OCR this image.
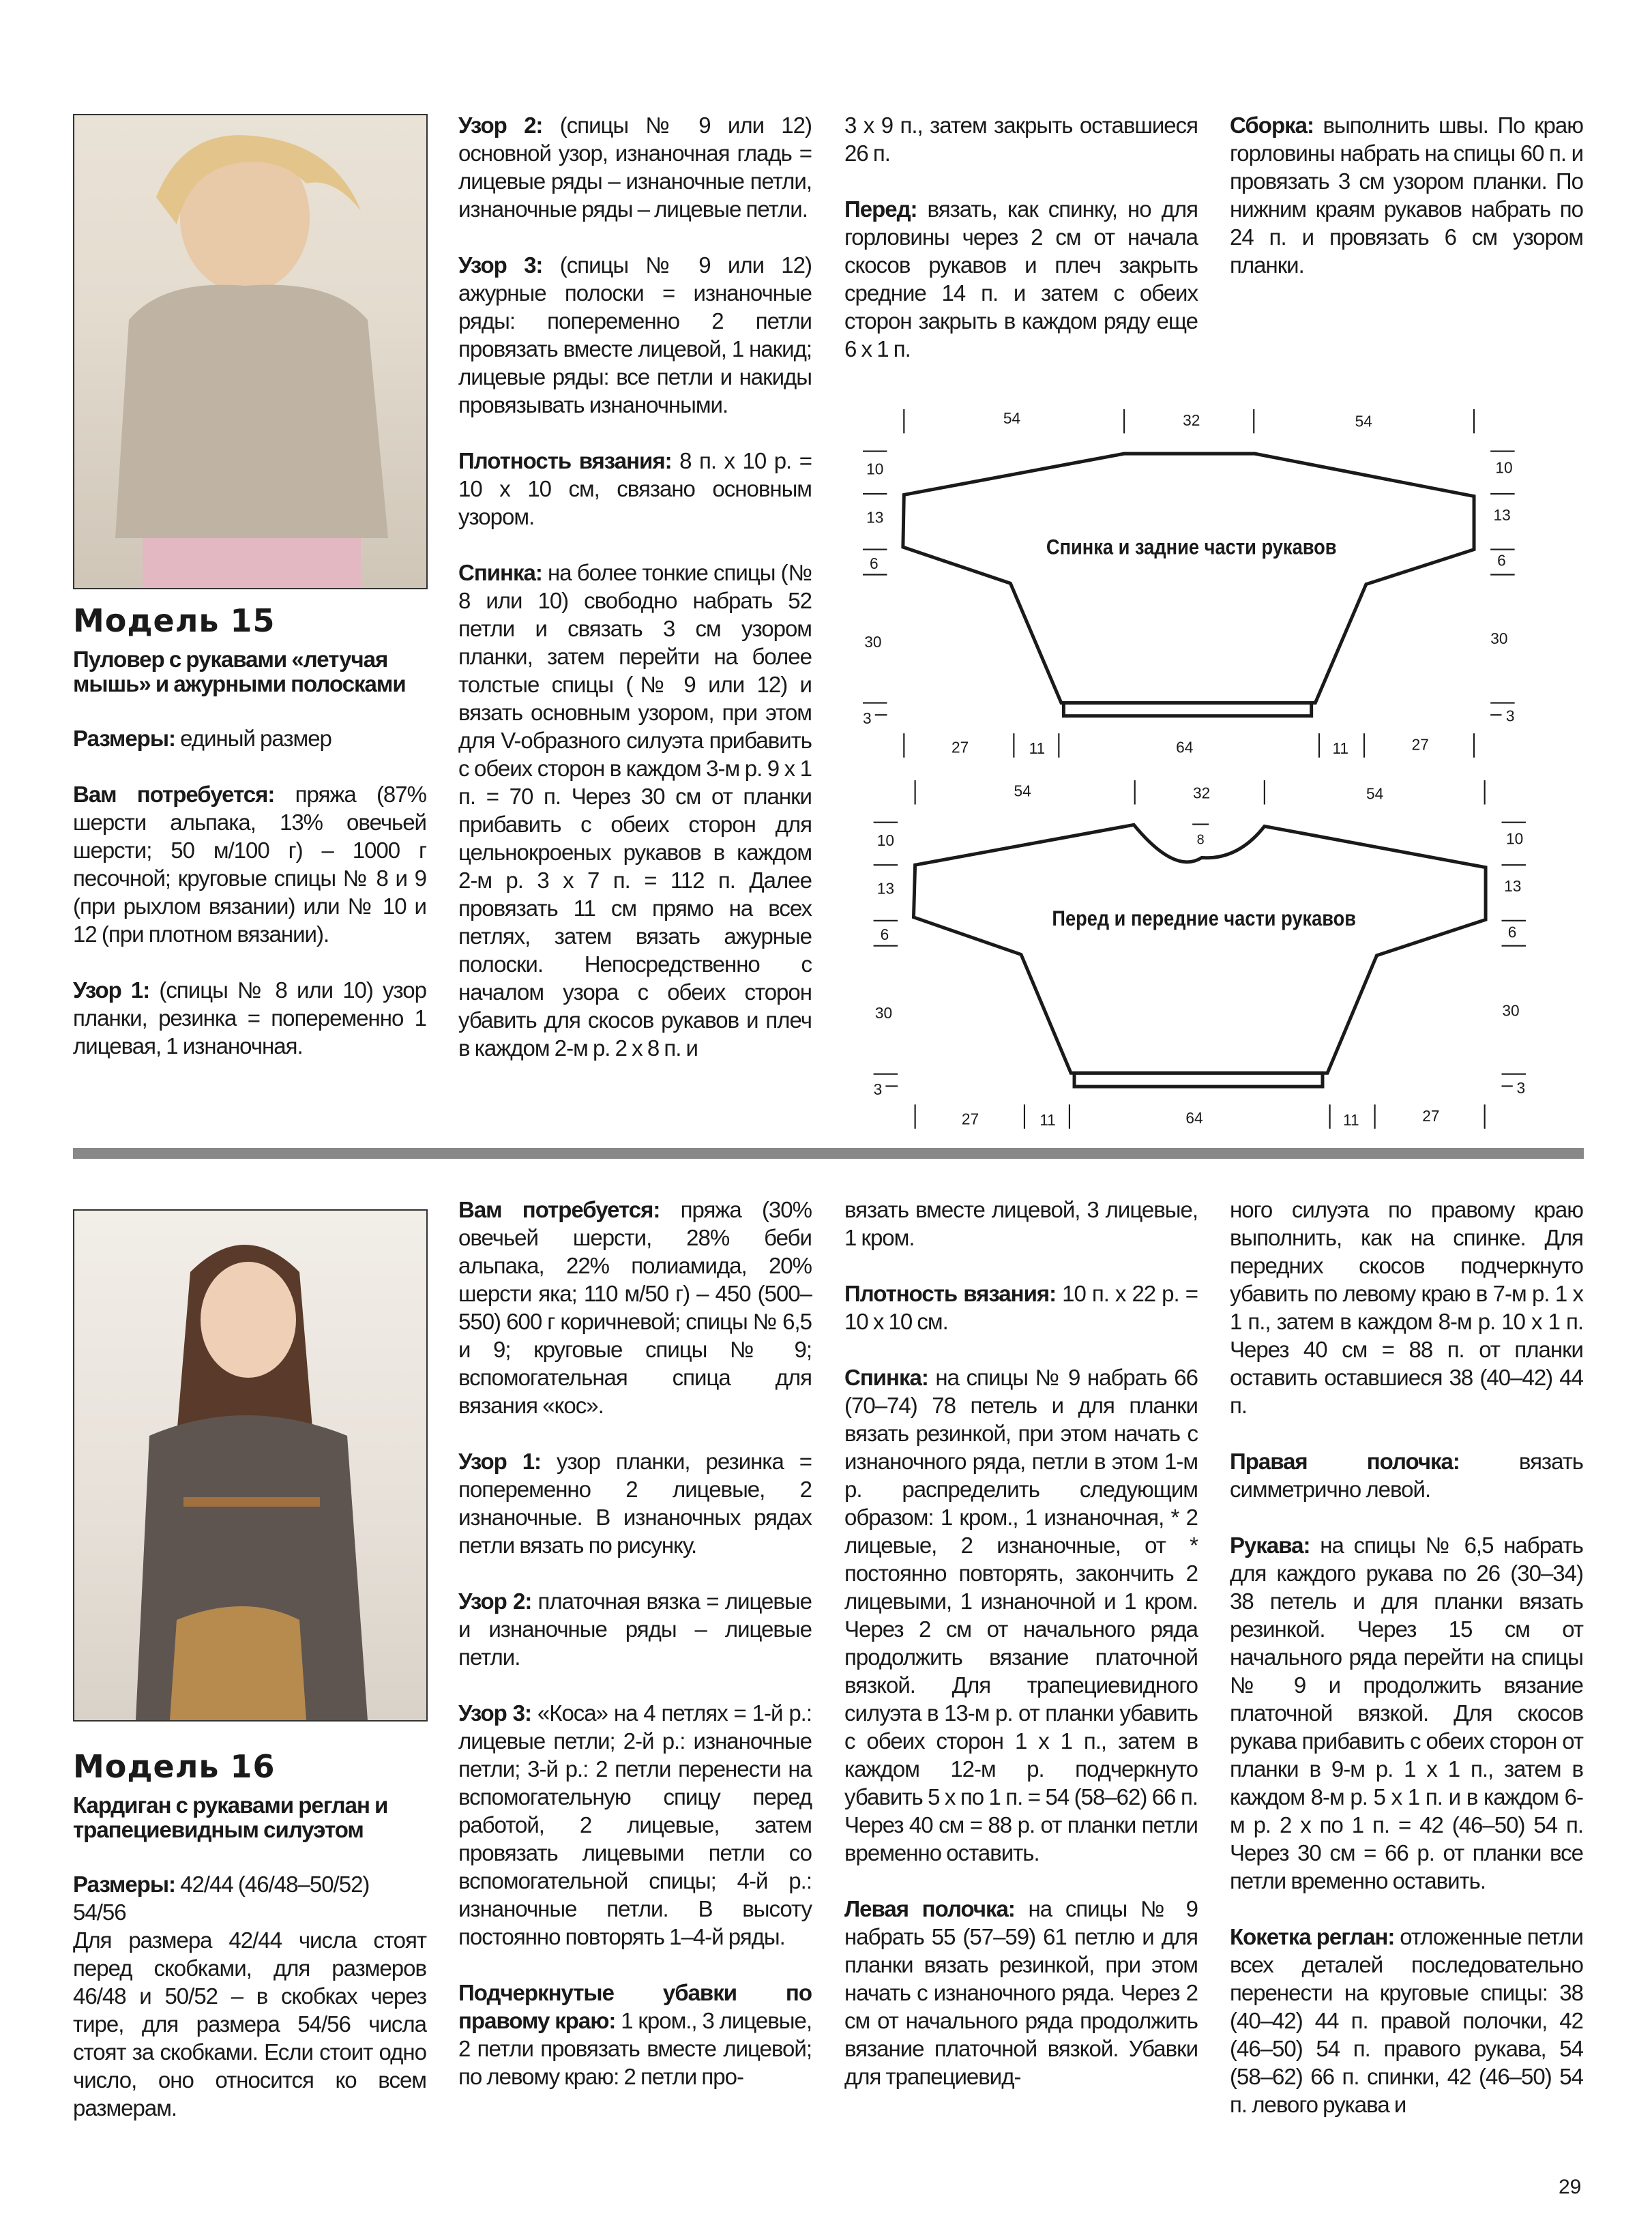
Модель 15
Пуловер с рукавами «летучая мышь» и ажурными полосками

Размеры: единый размер

Вам потребуется: пряжа (87% шерсти альпака, 13% овечьей шерсти; 50 м/100 г) – 1000 г песочной; круговые спицы № 8 и 9 (при рыхлом вязании) или № 10 и 12 (при плотном вязании).

Узор 1: (спицы № 8 или 10) узор планки, резинка = попеременно 1 лицевая, 1 изнаночная.

Узор 2: (спицы № 9 или 12) основной узор, изнаночная гладь = лицевые ряды – изнаночные петли, изнаночные ряды – лицевые петли.

Узор 3: (спицы № 9 или 12) ажурные полоски = изнаночные ряды: попеременно 2 петли провязать вместе лицевой, 1 накид; лицевые ряды: все петли и накиды провязывать изнаночными.

Плотность вязания: 8 п. х 10 р. = 10 х 10 см, связано основным узором.

Спинка: на более тонкие спицы (№ 8 или 10) свободно набрать 52 петли и связать 3 см узором планки, затем перейти на более толстые спицы (№ 9 или 12) и вязать основным узором, при этом для V-образного силуэта прибавить с обеих сторон в каждом 3-м р. 9 х 1 п. = 70 п. Через 30 см от планки прибавить с обеих сторон для цельнокроеных рукавов в каждом 2-м р. 3 х 7 п. = 112 п. Далее провязать 11 см прямо на всех петлях, затем вязать ажурные полоски. Непосредственно с началом узора с обеих сторон убавить для скосов рукавов и плеч в каждом 2-м р. 2 х 8 п. и

3 х 9 п., затем закрыть оставшиеся 26 п.

Перед: вязать, как спинку, но для горловины через 2 см от начала скосов рукавов и плеч закрыть средние 14 п. и затем с обеих сторон закрыть в каждом ряду еще 6 х 1 п.

Сборка: выполнить швы. По краю горловины набрать на спицы 60 п. и провязать 3 см узором планки. По нижним краям рукавов набрать по 24 п. и провязать 6 см узором планки.

54	32	54
10
13
6
30
3
10
13
6
30
3
27	11	64	11	27
54	32	54
8
10
13
6
30
3
10
13
6
30
3
27	11	64	11	27
Спинка и задние части рукавов
Перед и передние части рукавов
Модель 16
Кардиган с рукавами реглан и трапециевидным силуэтом

Размеры: 42/44 (46/48–50/52) 54/56

Для размера 42/44 числа стоят перед скобками, для размеров 46/48 и 50/52 – в скобках через тире, для размера 54/56 числа стоят за скобками. Если стоит одно число, оно относится ко всем размерам.

Вам потребуется: пряжа (30% овечьей шерсти, 28% беби альпака, 22% полиамида, 20% шерсти яка; 110 м/50 г) – 450 (500–550) 600 г коричневой; спицы № 6,5 и 9; круговые спицы № 9; вспомогательная спица для вязания «кос».

Узор 1: узор планки, резинка = попеременно 2 лицевые, 2 изнаночные. В изнаночных рядах петли вязать по рисунку.

Узор 2: платочная вязка = лицевые и изнаночные ряды – лицевые петли.

Узор 3: «Коса» на 4 петлях = 1-й р.: лицевые петли; 2-й р.: изнаночные петли; 3-й р.: 2 петли перенести на вспомогательную спицу перед работой, 2 лицевые, затем провязать лицевыми петли со вспомогательной спицы; 4-й р.: изнаночные петли. В высоту постоянно повторять 1–4-й ряды.

Подчеркнутые убавки по правому краю: 1 кром., 3 лицевые, 2 петли провязать вместе лицевой; по левому краю: 2 петли про-

вязать вместе лицевой, 3 лицевые, 1 кром.

Плотность вязания: 10 п. х 22 р. = 10 х 10 см.

Спинка: на спицы № 9 набрать 66 (70–74) 78 петель и для планки вязать резинкой, при этом начать с изнаночного ряда, петли в этом 1-м р. распределить следующим образом: 1 кром., 1 изнаночная, * 2 лицевые, 2 изнаночные, от * постоянно повторять, закончить 2 лицевыми, 1 изнаночной и 1 кром. Через 2 см от начального ряда продолжить вязание платочной вязкой. Для трапециевидного силуэта в 13-м р. от планки убавить с обеих сторон 1 х 1 п., затем в каждом 12-м р. подчеркнуто убавить 5 х по 1 п. = 54 (58–62) 66 п. Через 40 см = 88 р. от планки петли временно оставить.

Левая полочка: на спицы № 9 набрать 55 (57–59) 61 петлю и для планки вязать резинкой, при этом начать с изнаночного ряда. Через 2 см от начального ряда продолжить вязание платочной вязкой. Убавки для трапециевид-

ного силуэта по правому краю выполнить, как на спинке. Для передних скосов подчеркнуто убавить по левому краю в 7-м р. 1 х 1 п., затем в каждом 8-м р. 10 х 1 п. Через 40 см = 88 п. от планки оставить оставшиеся 38 (40–42) 44 п.

Правая полочка: вязать симметрично левой.

Рукава: на спицы № 6,5 набрать для каждого рукава по 26 (30–34) 38 петель и для планки вязать резинкой. Через 15 см от начального ряда перейти на спицы № 9 и продолжить вязание платочной вязкой. Для скосов рукава прибавить с обеих сторон от планки в 9-м р. 1 х 1 п., затем в каждом 8-м р. 5 х 1 п. и в каждом 6-м р. 2 х по 1 п. = 42 (46–50) 54 п. Через 30 см = 66 р. от планки все петли временно оставить.

Кокетка реглан: отложенные петли всех деталей последовательно перенести на круговые спицы: 38 (40–42) 44 п. правой полочки, 42 (46–50) 54 п. правого рукава, 54 (58–62) 66 п. спинки, 42 (46–50) 54 п. левого рукава и

29
